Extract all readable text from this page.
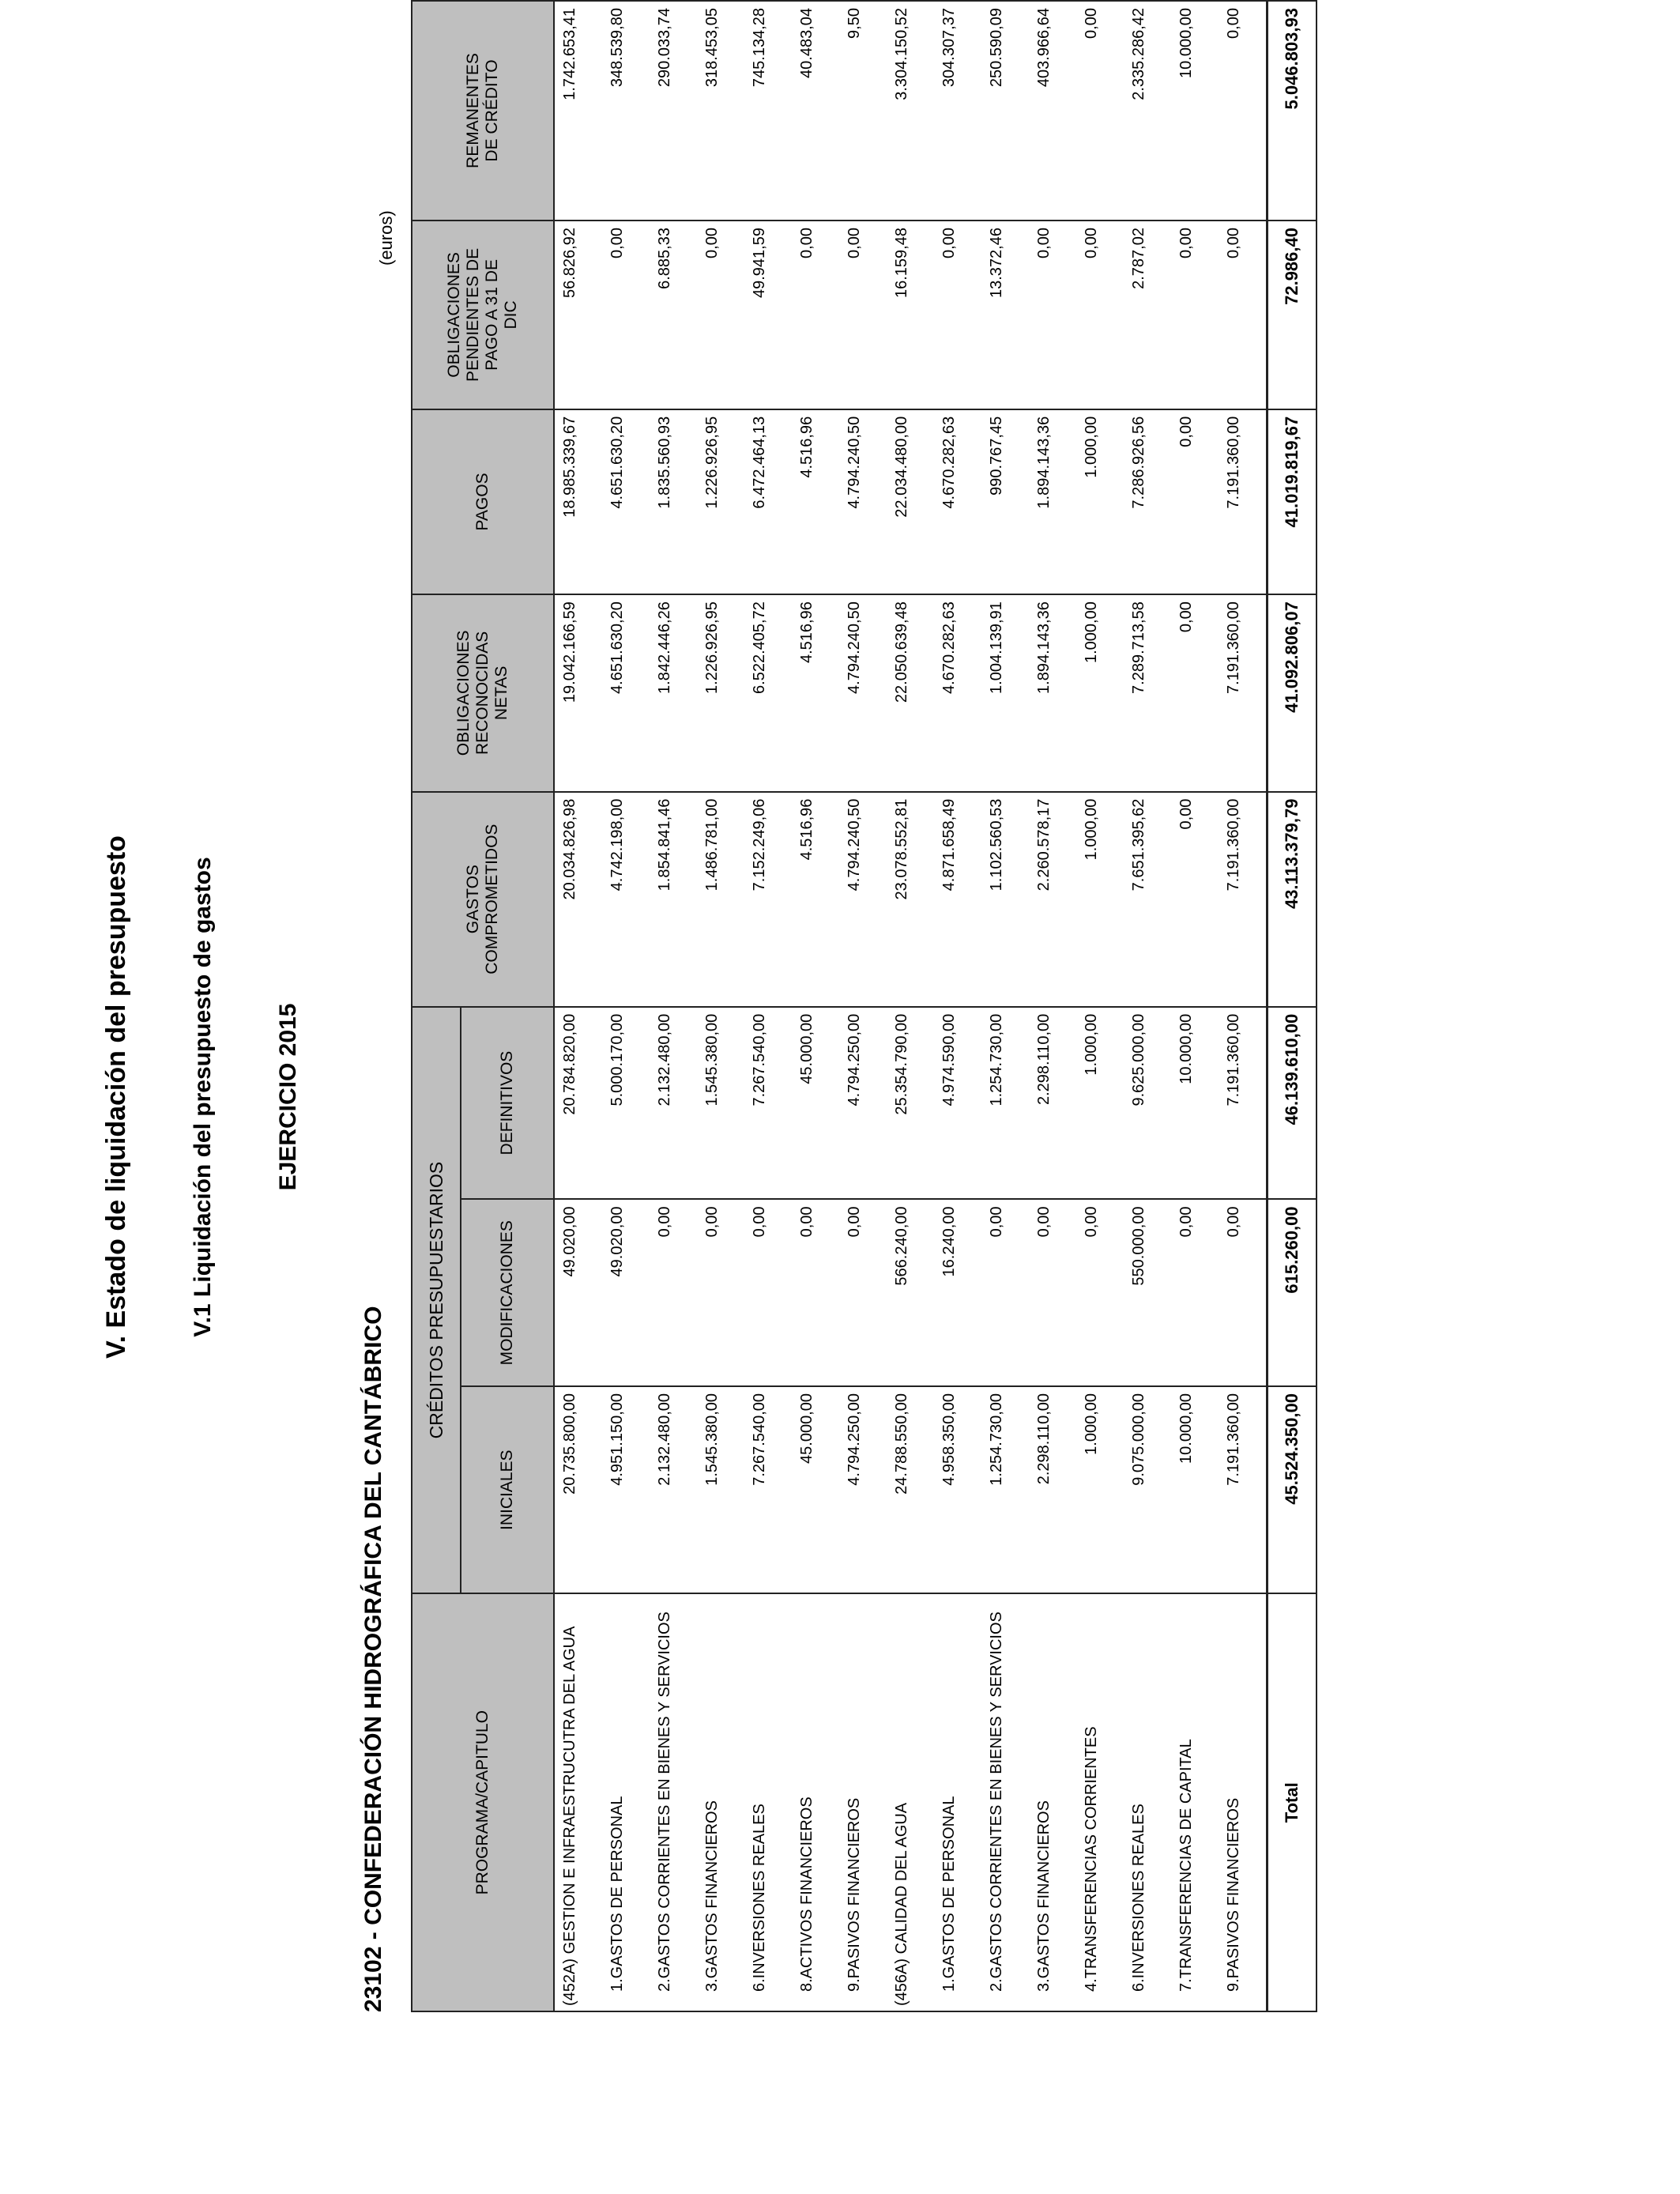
V. Estado de liquidación del presupuesto V.1 Liquidación del presupuesto de gastos	EJERCICIO 2015
23102 - CONFEDERACIÓN HIDROGRÁFICA DEL CANTÁBRICO
(euros)
PROGRAMA/CAPITULO	CRÉDITOS PRESUPUESTARIOS			GASTOS COMPROMETIDOS	OBLIGACIONES RECONOCIDAS NETAS	PAGOS	OBLIGACIONES PENDIENTES DE PAGO A 31 DE DIC	REMANENTES DE CRÉDITO
	INICIALES	MODIFICACIONES	DEFINITIVOS					
(452A) GESTION E INFRAESTRUCUTRA DEL AGUA	20.735.800,00	49.020,00	20.784.820,00	20.034.826,98	19.042.166,59	18.985.339,67	56.826,92	1.742.653,41
1.GASTOS DE PERSONAL	4.951.150,00	49.020,00	5.000.170,00	4.742.198,00	4.651.630,20	4.651.630,20	0,00	348.539,80
2.GASTOS CORRIENTES EN BIENES Y SERVICIOS	2.132.480,00	0,00	2.132.480,00	1.854.841,46	1.842.446,26	1.835.560,93	6.885,33	290.033,74
3.GASTOS FINANCIEROS	1.545.380,00	0,00	1.545.380,00	1.486.781,00	1.226.926,95	1.226.926,95	0,00	318.453,05
6.INVERSIONES REALES	7.267.540,00	0,00	7.267.540,00	7.152.249,06	6.522.405,72	6.472.464,13	49.941,59	745.134,28
8.ACTIVOS FINANCIEROS	45.000,00	0,00	45.000,00	4.516,96	4.516,96	4.516,96	0,00	40.483,04
9.PASIVOS FINANCIEROS	4.794.250,00	0,00	4.794.250,00	4.794.240,50	4.794.240,50	4.794.240,50	0,00	9,50
(456A) CALIDAD DEL AGUA	24.788.550,00	566.240,00	25.354.790,00	23.078.552,81	22.050.639,48	22.034.480,00	16.159,48	3.304.150,52
1.GASTOS DE PERSONAL	4.958.350,00	16.240,00	4.974.590,00	4.871.658,49	4.670.282,63	4.670.282,63	0,00	304.307,37
2.GASTOS CORRIENTES EN BIENES Y SERVICIOS	1.254.730,00	0,00	1.254.730,00	1.102.560,53	1.004.139,91	990.767,45	13.372,46	250.590,09
3.GASTOS FINANCIEROS	2.298.110,00	0,00	2.298.110,00	2.260.578,17	1.894.143,36	1.894.143,36	0,00	403.966,64
4.TRANSFERENCIAS CORRIENTES	1.000,00	0,00	1.000,00	1.000,00	1.000,00	1.000,00	0,00	0,00
6.INVERSIONES REALES	9.075.000,00	550.000,00	9.625.000,00	7.651.395,62	7.289.713,58	7.286.926,56	2.787,02	2.335.286,42
7.TRANSFERENCIAS DE CAPITAL	10.000,00	0,00	10.000,00	0,00	0,00	0,00	0,00	10.000,00
9.PASIVOS FINANCIEROS	7.191.360,00	0,00	7.191.360,00	7.191.360,00	7.191.360,00	7.191.360,00	0,00	0,00
Total	45.524.350,00	615.260,00	46.139.610,00	43.113.379,79	41.092.806,07	41.019.819,67	72.986,40	5.046.803,93
